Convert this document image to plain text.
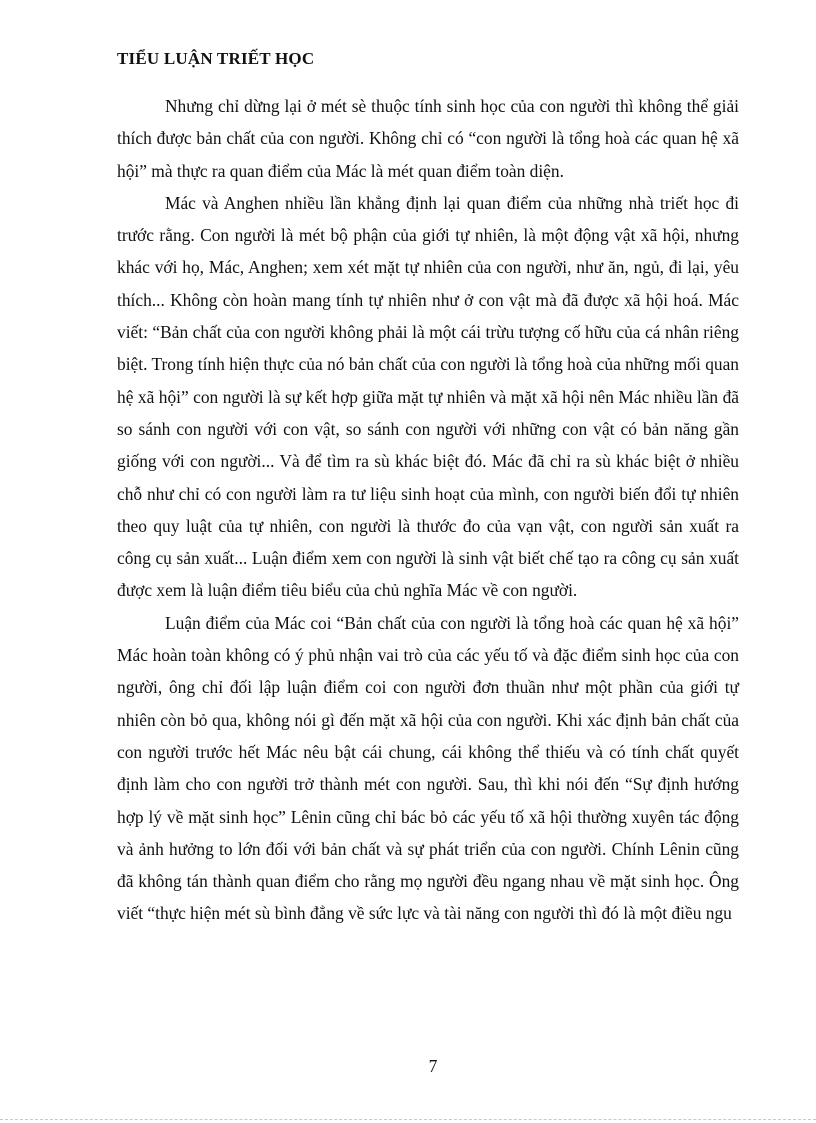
TIỂU LUẬN TRIẾT HỌC

Nhưng chỉ dừng lại ở mét sè thuộc tính sinh học của con người thì không thể giải thích được bản chất của con người. Không chỉ có “con người là tổng hoà các quan hệ xã hội” mà thực ra quan điểm của Mác là mét quan điểm toàn diện.

Mác và Anghen nhiều lần khẳng định lại quan điểm của những nhà triết học đi trước rằng. Con người là mét bộ phận của giới tự nhiên, là một động vật xã hội, nhưng khác với họ, Mác, Anghen; xem xét mặt tự nhiên của con người, như ăn, ngủ, đi lại, yêu thích... Không còn hoàn mang tính tự nhiên như ở con vật mà đã được xã hội hoá. Mác viết: “Bản chất của con người không phải là một cái trừu tượng cố hữu của cá nhân riêng biệt. Trong tính hiện thực của nó bản chất của con người là tổng hoà của những mối quan hệ xã hội” con người là sự kết hợp giữa mặt tự nhiên và mặt xã hội nên Mác nhiều lần đã so sánh con người với con vật, so sánh con người với những con vật có bản năng gần giống với con người... Và để tìm ra sù khác biệt đó. Mác đã chỉ ra sù khác biệt ở nhiều chỗ như chỉ có con người làm ra tư liệu sinh hoạt của mình, con người biến đổi tự nhiên theo quy luật của tự nhiên, con người là thước đo của vạn vật, con người sản xuất ra công cụ sản xuất... Luận điểm xem con người là sinh vật biết chế tạo ra công cụ sản xuất được xem là luận điểm tiêu biểu của chủ nghĩa Mác về con người.

Luận điểm của Mác coi “Bản chất của con người là tổng hoà các quan hệ xã hội” Mác hoàn toàn không có ý phủ nhận vai trò của các yếu tố và đặc điểm sinh học của con người, ông chỉ đối lập luận điểm coi con người đơn thuần như một phần của giới tự nhiên còn bỏ qua, không nói gì đến mặt xã hội của con người. Khi xác định bản chất của con người trước hết Mác nêu bật cái chung, cái không thể thiếu và có tính chất quyết định làm cho con người trở thành mét con người. Sau, thì khi nói đến “Sự định hướng hợp lý về mặt sinh học” Lênin cũng chỉ bác bỏ các yếu tố xã hội thường xuyên tác động và ảnh hưởng to lớn đối với bản chất và sự phát triển của con người. Chính Lênin cũng đã không tán thành quan điểm cho rằng mọ người đều ngang nhau về mặt sinh học. Ông viết “thực hiện mét sù bình đẳng về sức lực và tài năng con người thì đó là một điều ngu

7
